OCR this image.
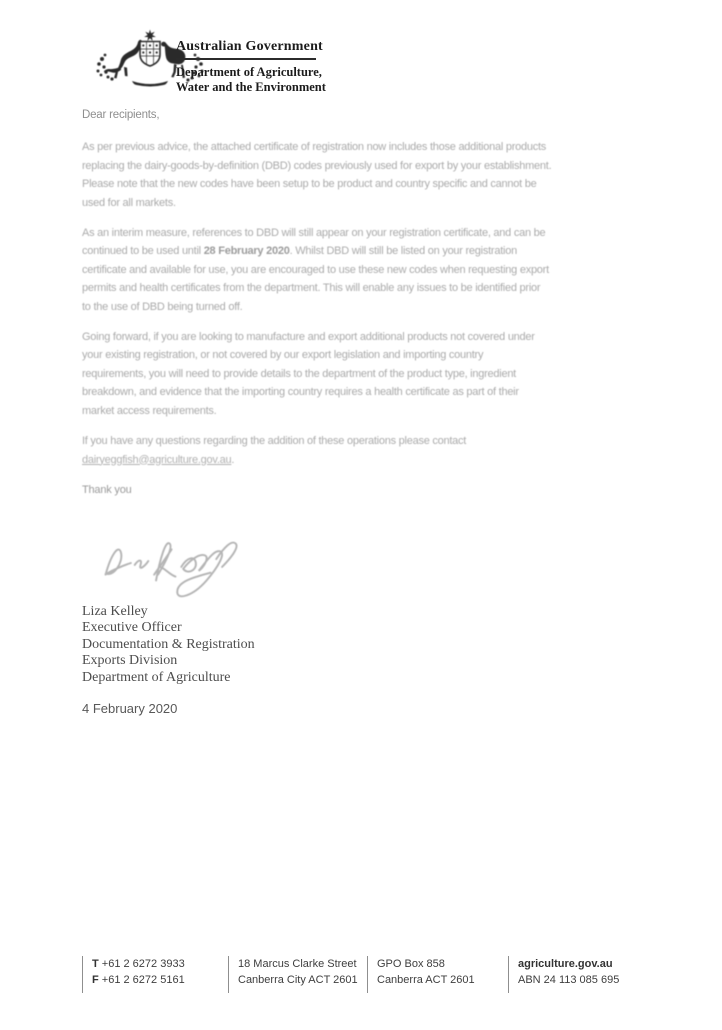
Australian Government
Department of Agriculture,
Water and the Environment
Dear recipients,
As per previous advice, the attached certificate of registration now includes those additional products
replacing the dairy-goods-by-definition (DBD) codes previously used for export by your establishment.
Please note that the new codes have been setup to be product and country specific and cannot be
used for all markets.
As an interim measure, references to DBD will still appear on your registration certificate, and can be
continued to be used until 28 February 2020. Whilst DBD will still be listed on your registration
certificate and available for use, you are encouraged to use these new codes when requesting export
permits and health certificates from the department. This will enable any issues to be identified prior
to the use of DBD being turned off.
Going forward, if you are looking to manufacture and export additional products not covered under
your existing registration, or not covered by our export legislation and importing country
requirements, you will need to provide details to the department of the product type, ingredient
breakdown, and evidence that the importing country requires a health certificate as part of their
market access requirements.
If you have any questions regarding the addition of these operations please contact
dairyeggfish@agriculture.gov.au.
Thank you
Liza Kelley
Executive Officer
Documentation & Registration
Exports Division
Department of Agriculture
4 February 2020
T +61 2 6272 3933
F +61 2 6272 5161
18 Marcus Clarke Street
Canberra City ACT 2601
GPO Box 858
Canberra ACT 2601
agriculture.gov.au
ABN 24 113 085 695
